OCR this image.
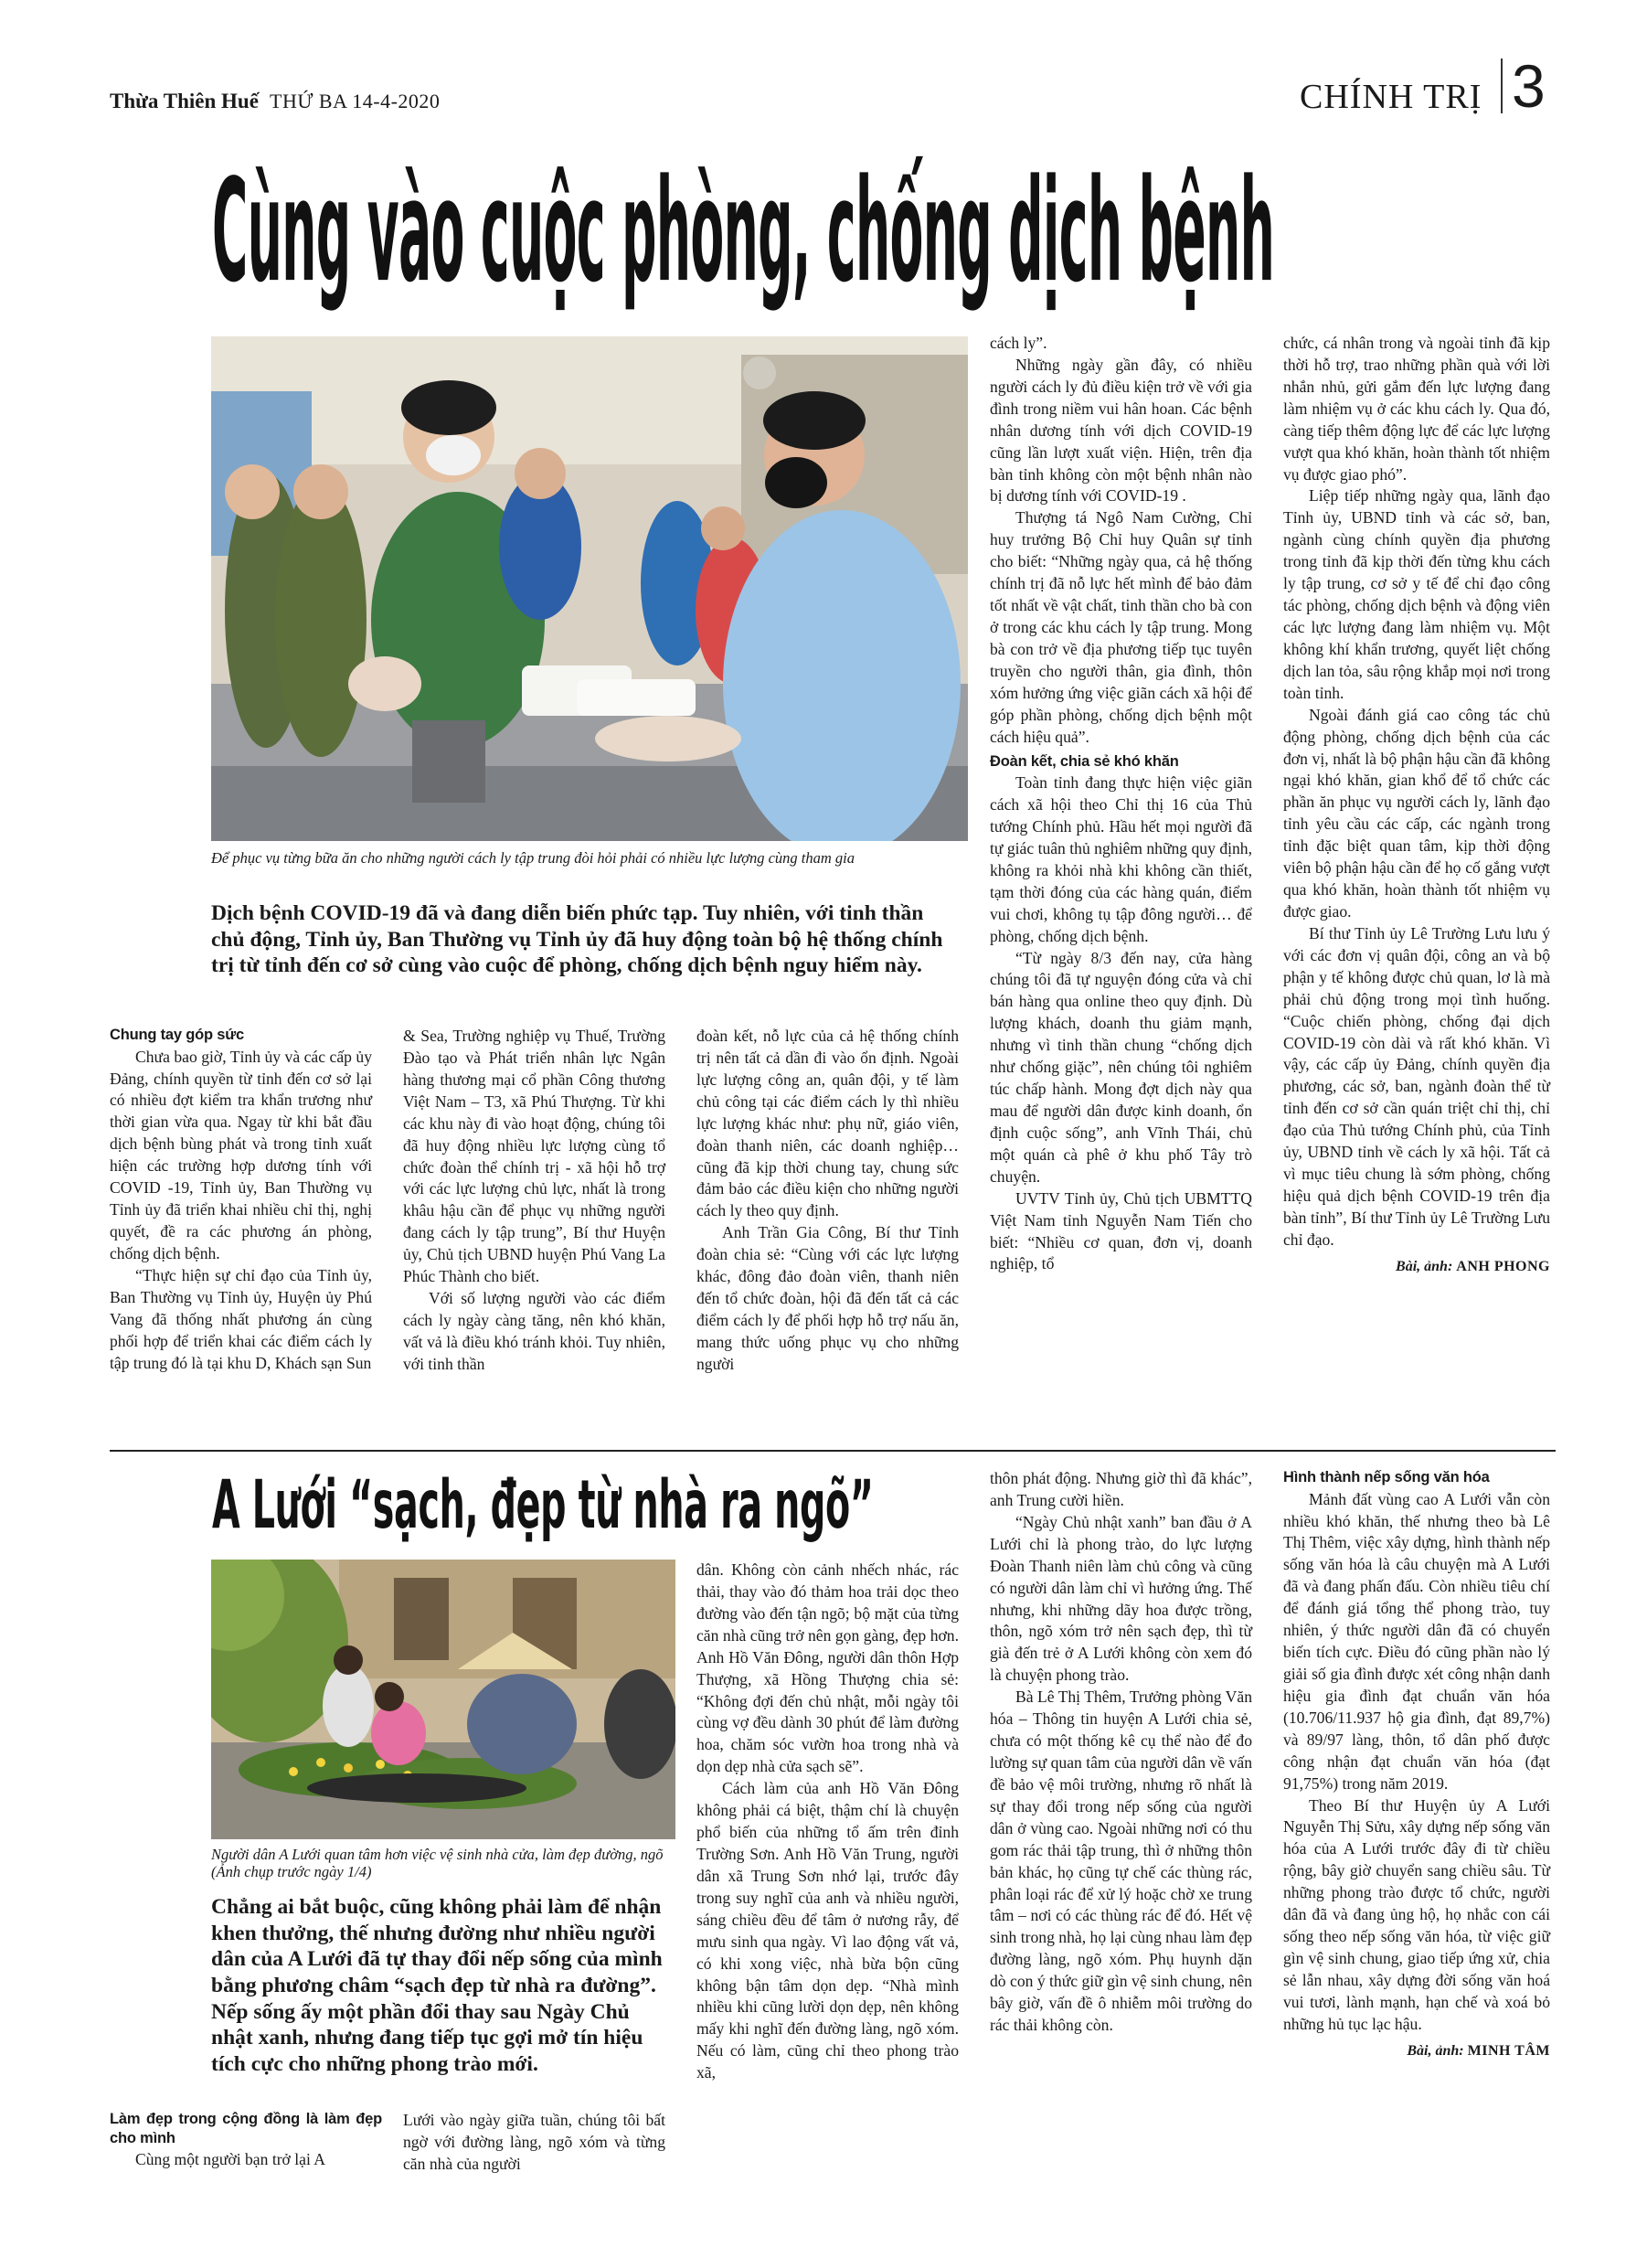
Thừa Thiên Huế THỨ BA 14-4-2020	CHÍNH TRỊ 3
Cùng vào cuộc phòng, chống dịch bệnh
Để phục vụ từng bữa ăn cho những người cách ly tập trung đòi hỏi phải có nhiều lực lượng cùng tham gia
Dịch bệnh COVID-19 đã và đang diễn biến phức tạp. Tuy nhiên, với tinh thần chủ động, Tỉnh ủy, Ban Thường vụ Tỉnh ủy đã huy động toàn bộ hệ thống chính trị từ tỉnh đến cơ sở cùng vào cuộc để phòng, chống dịch bệnh nguy hiểm này.
Chung tay góp sức

Chưa bao giờ, Tỉnh ủy và các cấp ủy Đảng, chính quyền từ tỉnh đến cơ sở lại có nhiều đợt kiểm tra khẩn trương như thời gian vừa qua. Ngay từ khi bắt đầu dịch bệnh bùng phát và trong tỉnh xuất hiện các trường hợp dương tính với COVID -19, Tỉnh ủy, Ban Thường vụ Tỉnh ủy đã triển khai nhiều chỉ thị, nghị quyết, đề ra các phương án phòng, chống dịch bệnh.

“Thực hiện sự chỉ đạo của Tỉnh ủy, Ban Thường vụ Tỉnh ủy, Huyện ủy Phú Vang đã thống nhất phương án cùng phối hợp để triển khai các điểm cách ly tập trung đó là tại khu D, Khách sạn Sun

& Sea, Trường nghiệp vụ Thuế, Trường Đào tạo và Phát triển nhân lực Ngân hàng thương mại cổ phần Công thương Việt Nam – T3, xã Phú Thượng. Từ khi các khu này đi vào hoạt động, chúng tôi đã huy động nhiều lực lượng cùng tổ chức đoàn thể chính trị - xã hội hỗ trợ với các lực lượng chủ lực, nhất là trong khâu hậu cần để phục vụ những người đang cách ly tập trung”, Bí thư Huyện ủy, Chủ tịch UBND huyện Phú Vang La Phúc Thành cho biết.

Với số lượng người vào các điểm cách ly ngày càng tăng, nên khó khăn, vất vả là điều khó tránh khỏi. Tuy nhiên, với tinh thần

đoàn kết, nỗ lực của cả hệ thống chính trị nên tất cả dần đi vào ổn định. Ngoài lực lượng công an, quân đội, y tế làm chủ công tại các điểm cách ly thì nhiều lực lượng khác như: phụ nữ, giáo viên, đoàn thanh niên, các doanh nghiệp… cũng đã kịp thời chung tay, chung sức đảm bảo các điều kiện cho những người cách ly theo quy định.

Anh Trần Gia Công, Bí thư Tỉnh đoàn chia sẻ: “Cùng với các lực lượng khác, đông đảo đoàn viên, thanh niên đến tổ chức đoàn, hội đã đến tất cả các điểm cách ly để phối hợp hỗ trợ nấu ăn, mang thức uống phục vụ cho những người

cách ly”.

Những ngày gần đây, có nhiều người cách ly đủ điều kiện trở về với gia đình trong niềm vui hân hoan. Các bệnh nhân dương tính với dịch COVID-19 cũng lần lượt xuất viện. Hiện, trên địa bàn tỉnh không còn một bệnh nhân nào bị dương tính với COVID-19 .

Thượng tá Ngô Nam Cường, Chỉ huy trưởng Bộ Chỉ huy Quân sự tỉnh cho biết: “Những ngày qua, cả hệ thống chính trị đã nỗ lực hết mình để bảo đảm tốt nhất về vật chất, tinh thần cho bà con ở trong các khu cách ly tập trung. Mong bà con trở về địa phương tiếp tục tuyên truyền cho người thân, gia đình, thôn xóm hưởng ứng việc giãn cách xã hội để góp phần phòng, chống dịch bệnh một cách hiệu quả”.

Đoàn kết, chia sẻ khó khăn

Toàn tỉnh đang thực hiện việc giãn cách xã hội theo Chỉ thị 16 của Thủ tướng Chính phủ. Hầu hết mọi người đã tự giác tuân thủ nghiêm những quy định, không ra khỏi nhà khi không cần thiết, tạm thời đóng của các hàng quán, điểm vui chơi, không tụ tập đông người… để phòng, chống dịch bệnh.

“Từ ngày 8/3 đến nay, cửa hàng chúng tôi đã tự nguyện đóng cửa và chỉ bán hàng qua online theo quy định. Dù lượng khách, doanh thu giảm mạnh, nhưng vì tinh thần chung “chống dịch như chống giặc”, nên chúng tôi nghiêm túc chấp hành. Mong đợt dịch này qua mau để người dân được kinh doanh, ổn định cuộc sống”, anh Vĩnh Thái, chủ một quán cà phê ở khu phố Tây trò chuyện.

UVTV Tỉnh ủy, Chủ tịch UBMTTQ Việt Nam tỉnh Nguyễn Nam Tiến cho biết: “Nhiều cơ quan, đơn vị, doanh nghiệp, tổ

chức, cá nhân trong và ngoài tỉnh đã kịp thời hỗ trợ, trao những phần quà với lời nhắn nhủ, gửi gắm đến lực lượng đang làm nhiệm vụ ở các khu cách ly. Qua đó, càng tiếp thêm động lực để các lực lượng vượt qua khó khăn, hoàn thành tốt nhiệm vụ được giao phó”.

Liệp tiếp những ngày qua, lãnh đạo Tỉnh ủy, UBND tỉnh và các sở, ban, ngành cùng chính quyền địa phương trong tỉnh đã kịp thời đến từng khu cách ly tập trung, cơ sở y tế để chỉ đạo công tác phòng, chống dịch bệnh và động viên các lực lượng đang làm nhiệm vụ. Một không khí khẩn trương, quyết liệt chống dịch lan tỏa, sâu rộng khắp mọi nơi trong toàn tỉnh.

Ngoài đánh giá cao công tác chủ động phòng, chống dịch bệnh của các đơn vị, nhất là bộ phận hậu cần đã không ngại khó khăn, gian khổ để tổ chức các phần ăn phục vụ người cách ly, lãnh đạo tỉnh yêu cầu các cấp, các ngành trong tỉnh đặc biệt quan tâm, kịp thời động viên bộ phận hậu cần để họ cố gắng vượt qua khó khăn, hoàn thành tốt nhiệm vụ được giao.

Bí thư Tỉnh ủy Lê Trường Lưu lưu ý với các đơn vị quân đội, công an và bộ phận y tế không được chủ quan, lơ là mà phải chủ động trong mọi tình huống. “Cuộc chiến phòng, chống đại dịch COVID-19 còn dài và rất khó khăn. Vì vậy, các cấp ủy Đảng, chính quyền địa phương, các sở, ban, ngành đoàn thể từ tỉnh đến cơ sở cần quán triệt chỉ thị, chỉ đạo của Thủ tướng Chính phủ, của Tỉnh ủy, UBND tỉnh về cách ly xã hội. Tất cả vì mục tiêu chung là sớm phòng, chống hiệu quả dịch bệnh COVID-19 trên địa bàn tỉnh”, Bí thư Tỉnh ủy Lê Trường Lưu chỉ đạo.

Bài, ảnh: ANH PHONG
A Lưới “sạch, đẹp từ nhà ra ngõ”
Người dân A Lưới quan tâm hơn việc vệ sinh nhà cửa, làm đẹp đường, ngõ (Ảnh chụp trước ngày 1/4)
Chẳng ai bắt buộc, cũng không phải làm để nhận khen thưởng, thế nhưng đường như nhiều người dân của A Lưới đã tự thay đổi nếp sống của mình bằng phương châm “sạch đẹp từ nhà ra đường”. Nếp sống ấy một phần đổi thay sau Ngày Chủ nhật xanh, nhưng đang tiếp tục gợi mở tín hiệu tích cực cho những phong trào mới.
Làm đẹp trong cộng đồng là làm đẹp cho mình

Cùng một người bạn trở lại A

Lưới vào ngày giữa tuần, chúng tôi bất ngờ với đường làng, ngõ xóm và từng căn nhà của người

dân. Không còn cảnh nhếch nhác, rác thải, thay vào đó thảm hoa trải dọc theo đường vào đến tận ngõ; bộ mặt của từng căn nhà cũng trở nên gọn gàng, đẹp hơn. Anh Hồ Văn Đông, người dân thôn Hợp Thượng, xã Hồng Thượng chia sẻ: “Không đợi đến chủ nhật, mỗi ngày tôi cùng vợ đều dành 30 phút để làm đường hoa, chăm sóc vườn hoa trong nhà và dọn dẹp nhà cửa sạch sẽ”.

Cách làm của anh Hồ Văn Đông không phải cá biệt, thậm chí là chuyện phổ biến của những tổ ấm trên đỉnh Trường Sơn. Anh Hồ Văn Trung, người dân xã Trung Sơn nhớ lại, trước đây trong suy nghĩ của anh và nhiều người, sáng chiều đều để tâm ở nương rẫy, để mưu sinh qua ngày. Vì lao động vất vả, có khi xong việc, nhà bừa bộn cũng không bận tâm dọn dẹp. “Nhà mình nhiều khi cũng lười dọn dẹp, nên không mấy khi nghĩ đến đường làng, ngõ xóm. Nếu có làm, cũng chỉ theo phong trào xã,

thôn phát động. Nhưng giờ thì đã khác”, anh Trung cười hiền.

“Ngày Chủ nhật xanh” ban đầu ở A Lưới chỉ là phong trào, do lực lượng Đoàn Thanh niên làm chủ công và cũng có người dân làm chỉ vì hưởng ứng. Thế nhưng, khi những dãy hoa được trồng, thôn, ngõ xóm trở nên sạch đẹp, thì từ già đến trẻ ở A Lưới không còn xem đó là chuyện phong trào.

Bà Lê Thị Thêm, Trưởng phòng Văn hóa – Thông tin huyện A Lưới chia sẻ, chưa có một thống kê cụ thể nào để đo lường sự quan tâm của người dân về vấn đề bảo vệ môi trường, nhưng rõ nhất là sự thay đổi trong nếp sống của người dân ở vùng cao. Ngoài những nơi có thu gom rác thải tập trung, thì ở những thôn bản khác, họ cũng tự chế các thùng rác, phân loại rác để xử lý hoặc chờ xe trung tâm – nơi có các thùng rác để đó. Hết vệ sinh trong nhà, họ lại cùng nhau làm đẹp đường làng, ngõ xóm. Phụ huynh dặn dò con ý thức giữ gìn vệ sinh chung, nên bây giờ, vấn đề ô nhiễm môi trường do rác thải không còn.

Hình thành nếp sống văn hóa

Mảnh đất vùng cao A Lưới vẫn còn nhiều khó khăn, thế nhưng theo bà Lê Thị Thêm, việc xây dựng, hình thành nếp sống văn hóa là câu chuyện mà A Lưới đã và đang phấn đấu. Còn nhiều tiêu chí để đánh giá tổng thể phong trào, tuy nhiên, ý thức người dân đã có chuyển biến tích cực. Điều đó cũng phần nào lý giải số gia đình được xét công nhận danh hiệu gia đình đạt chuẩn văn hóa (10.706/11.937 hộ gia đình, đạt 89,7%) và 89/97 làng, thôn, tổ dân phố được công nhận đạt chuẩn văn hóa (đạt 91,75%) trong năm 2019.

Theo Bí thư Huyện ủy A Lưới Nguyễn Thị Sửu, xây dựng nếp sống văn hóa của A Lưới trước đây đi từ chiều rộng, bây giờ chuyển sang chiều sâu. Từ những phong trào được tổ chức, người dân đã và đang ủng hộ, họ nhắc con cái sống theo nếp sống văn hóa, từ việc giữ gìn vệ sinh chung, giao tiếp ứng xử, chia sẻ lẫn nhau, xây dựng đời sống văn hoá vui tươi, lành mạnh, hạn chế và xoá bỏ những hủ tục lạc hậu.

Bài, ảnh: MINH TÂM
